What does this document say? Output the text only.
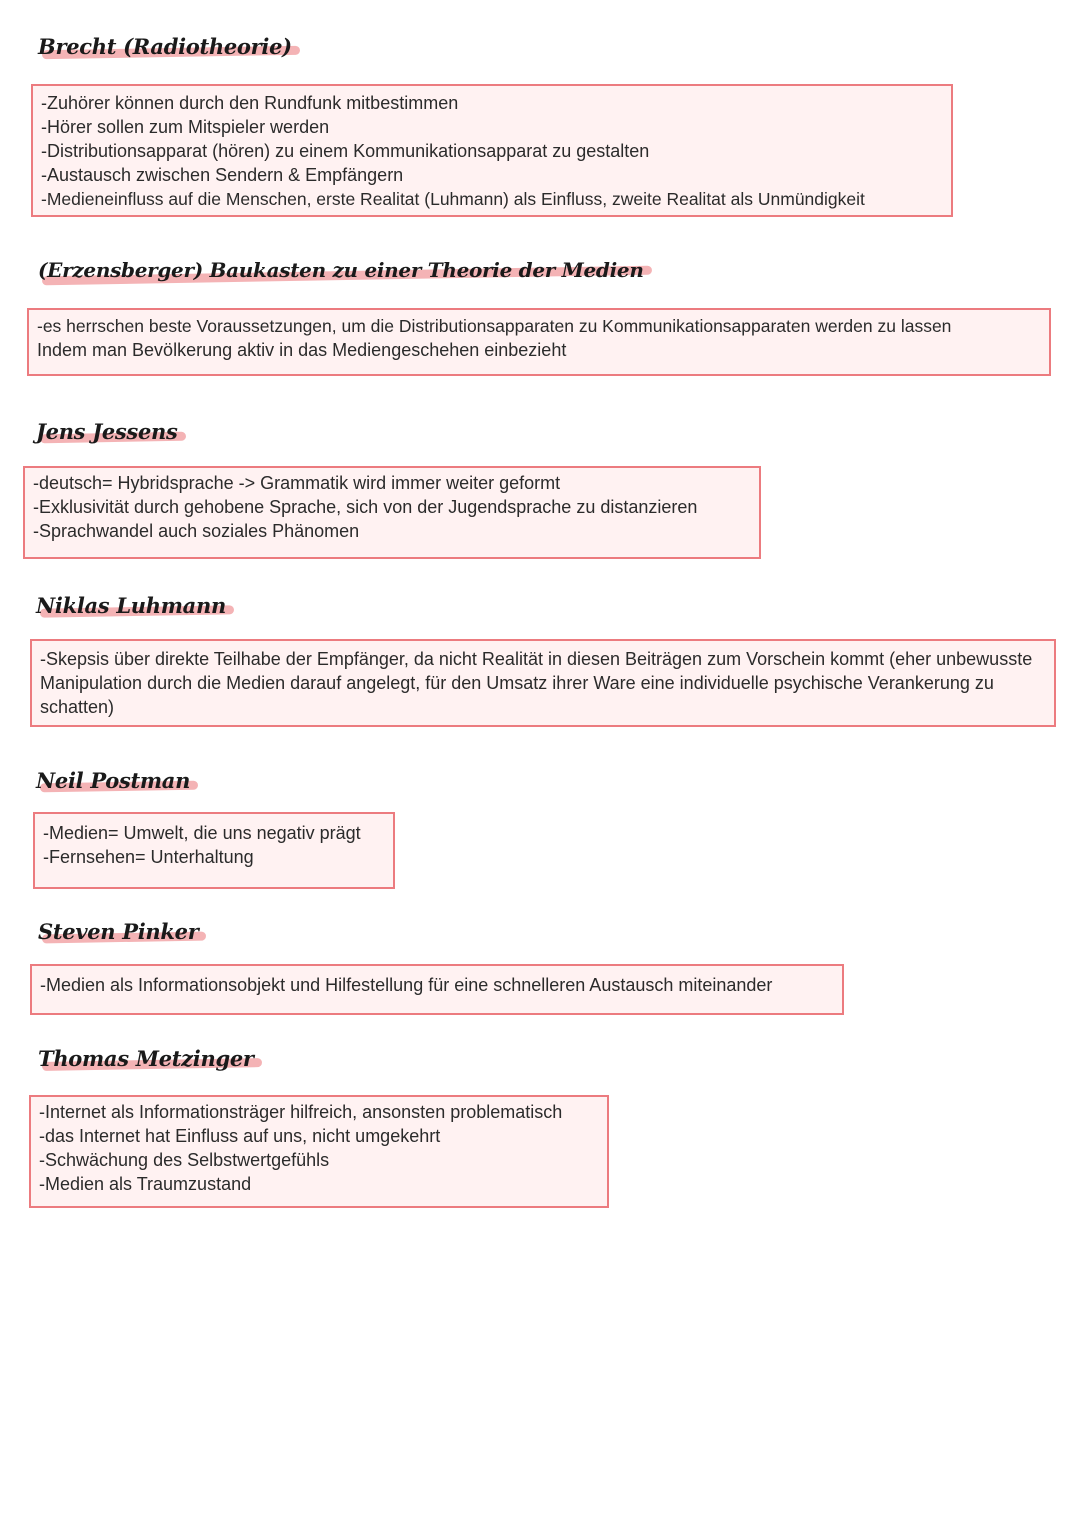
Brecht (Radiotheorie)
-Zuhörer können durch den Rundfunk mitbestimmen
-Hörer sollen zum Mitspieler werden
-Distributionsapparat (hören) zu einem Kommunikationsapparat zu gestalten
-Austausch zwischen Sendern & Empfängern
-Medieneinfluss auf die Menschen, erste Realitat (Luhmann) als Einfluss, zweite Realitat als Unmündigkeit
(Erzensberger) Baukasten zu einer Theorie der Medien
-es herrschen beste Voraussetzungen, um die Distributionsapparaten zu Kommunikationsapparaten werden zu lassen
Indem man Bevölkerung aktiv in das Mediengeschehen einbezieht
Jens Jessens
-deutsch= Hybridsprache -> Grammatik wird immer weiter geformt
-Exklusivität durch gehobene Sprache, sich von der Jugendsprache zu distanzieren
-Sprachwandel auch soziales Phänomen
Niklas Luhmann
-Skepsis über direkte Teilhabe der Empfänger, da nicht Realität in diesen Beiträgen zum Vorschein kommt (eher unbewusste Manipulation durch die Medien darauf angelegt, für den Umsatz ihrer Ware eine individuelle psychische Verankerung zu schatten)
Neil Postman
-Medien= Umwelt, die uns negativ prägt
-Fernsehen= Unterhaltung
Steven Pinker
-Medien als Informationsobjekt und Hilfestellung für eine schnelleren Austausch miteinander
Thomas Metzinger
-Internet als Informationsträger hilfreich, ansonsten problematisch
-das Internet hat Einfluss auf uns, nicht umgekehrt
-Schwächung des Selbstwertgefühls
-Medien als Traumzustand
